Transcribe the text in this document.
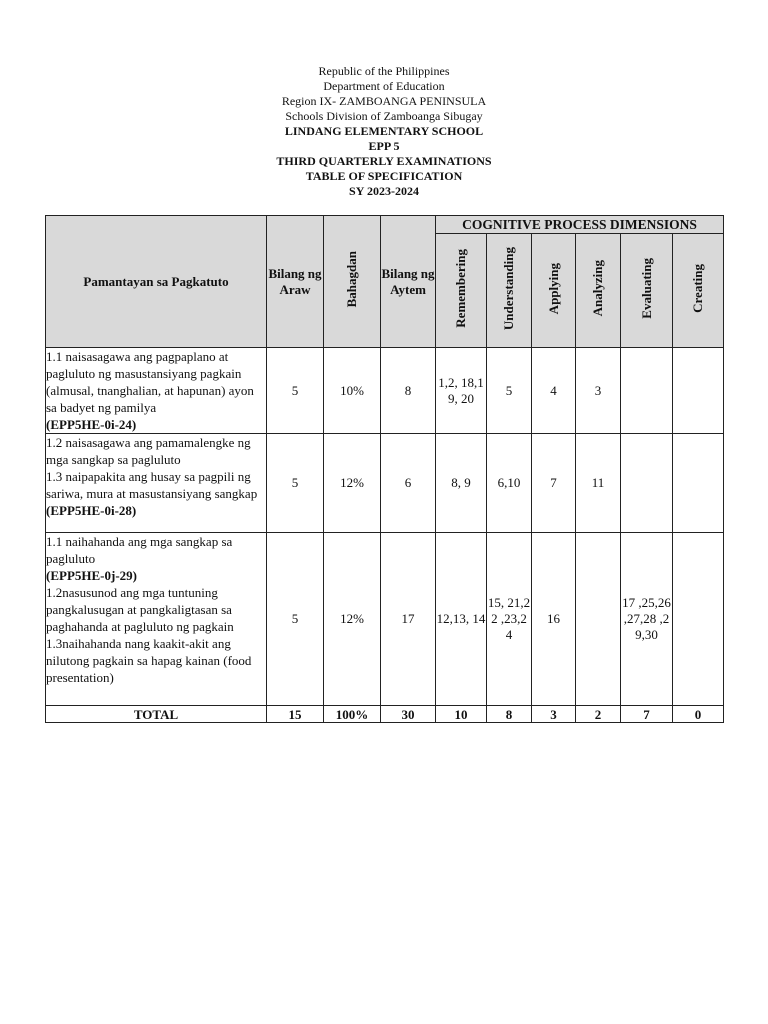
Republic of the Philippines
Department of Education
Region IX- ZAMBOANGA PENINSULA
Schools Division of Zamboanga Sibugay
LINDANG ELEMENTARY SCHOOL
EPP 5
THIRD QUARTERLY EXAMINATIONS
TABLE OF SPECIFICATION
SY 2023-2024
Pamantayan sa Pagkatuto	Bilang ng Araw	Bahagdan	Bilang ng Aytem	COGNITIVE PROCESS DIMENSIONS					
				Remembering	Understanding	Applying	Analyzing	Evaluating	Creating

1.1 naisasagawa ang pagpaplano at pagluluto ng masustansiyang pagkain (almusal, tnanghalian, at hapunan) ayon sa badyet ng pamilya
(EPP5HE-0i-24)	5	10%	8	1,2, 18,19, 20	5	4	3		

1.2 naisasagawa ang pamamalengke ng mga sangkap sa pagluluto
1.3 naipapakita ang husay sa pagpili ng sariwa, mura at masustansiyang sangkap
(EPP5HE-0i-28)	5	12%	6	8, 9	6,10	7	11		

1.1 naihahanda ang mga sangkap sa pagluluto
(EPP5HE-0j-29)
1.2nasusunod ang mga tuntuning pangkalusugan at pangkaligtasan sa paghahanda at pagluluto ng pagkain
1.3naihahanda nang kaakit-akit ang nilutong pagkain sa hapag kainan (food presentation)	5	12%	17	12,13, 14	15, 21,22 ,23,2 4	16		17 ,25,26 ,27,28 ,29,30	
TOTAL	15	100%	30	10	8	3	2	7	0
